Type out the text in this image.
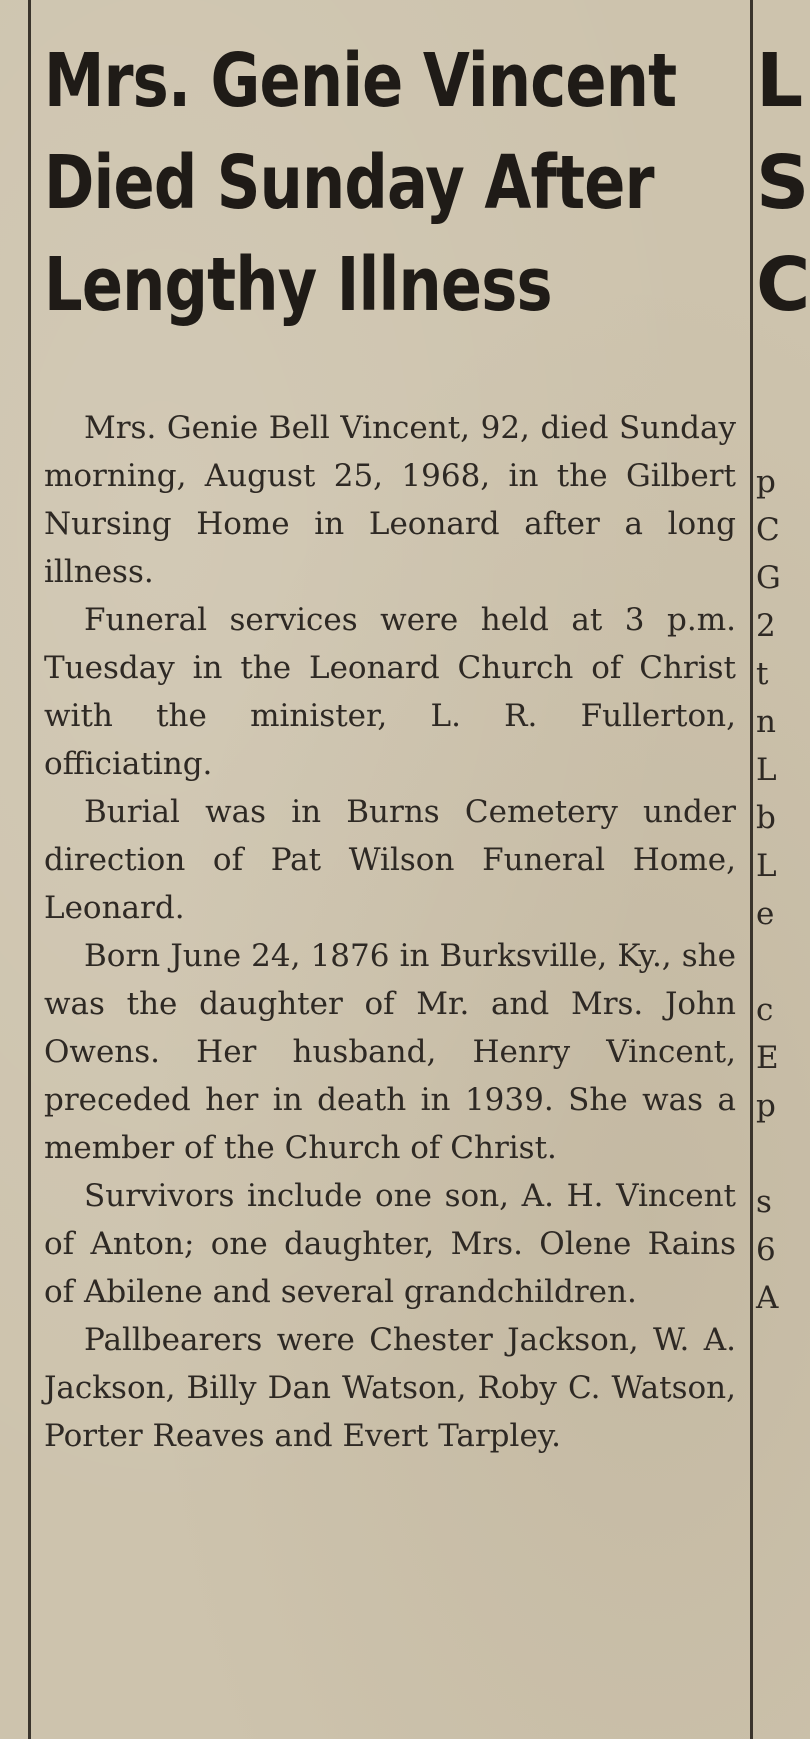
Mrs. Genie Vincent
Died Sunday After
Lengthy Illness

Mrs. Genie Bell Vincent, 92, died Sunday morning, August 25, 1968, in the Gilbert Nursing Home in Leonard after a long illness.

Funeral services were held at 3 p.m. Tuesday in the Leonard Church of Christ with the minister, L. R. Fullerton, officiating.

Burial was in Burns Cemetery under direction of Pat Wilson Funeral Home, Leonard.

Born June 24, 1876 in Burksville, Ky., she was the daughter of Mr. and Mrs. John Owens. Her husband, Henry Vincent, preceded her in death in 1939. She was a member of the Church of Christ.

Survivors include one son, A. H. Vincent of Anton; one daughter, Mrs. Olene Rains of Abilene and several grandchildren.

Pallbearers were Chester Jackson, W. A. Jackson, Billy Dan Watson, Roby C. Watson, Porter Reaves and Evert Tarpley.

L
S
C
p
C
G
2
t
n
L
b
L
e
c
E
p
s
6
A
